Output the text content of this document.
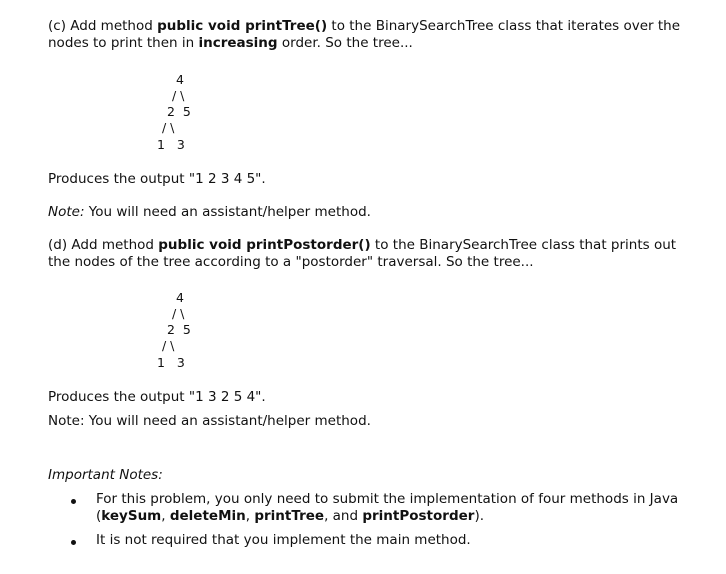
(c) Add method public void printTree() to the BinarySearchTree class that iterates over the
nodes to print then in increasing order. So the tree...
4
/ \
2  5
/ \
1   3
Produces the output "1 2 3 4 5".
Note: You will need an assistant/helper method.
(d) Add method public void printPostorder() to the BinarySearchTree class that prints out
the nodes of the tree according to a "postorder" traversal. So the tree...
4
/ \
2  5
/ \
1   3
Produces the output "1 3 2 5 4".
Note: You will need an assistant/helper method.
Important Notes:
For this problem, you only need to submit the implementation of four methods in Java
(keySum, deleteMin, printTree, and printPostorder).
It is not required that you implement the main method.
